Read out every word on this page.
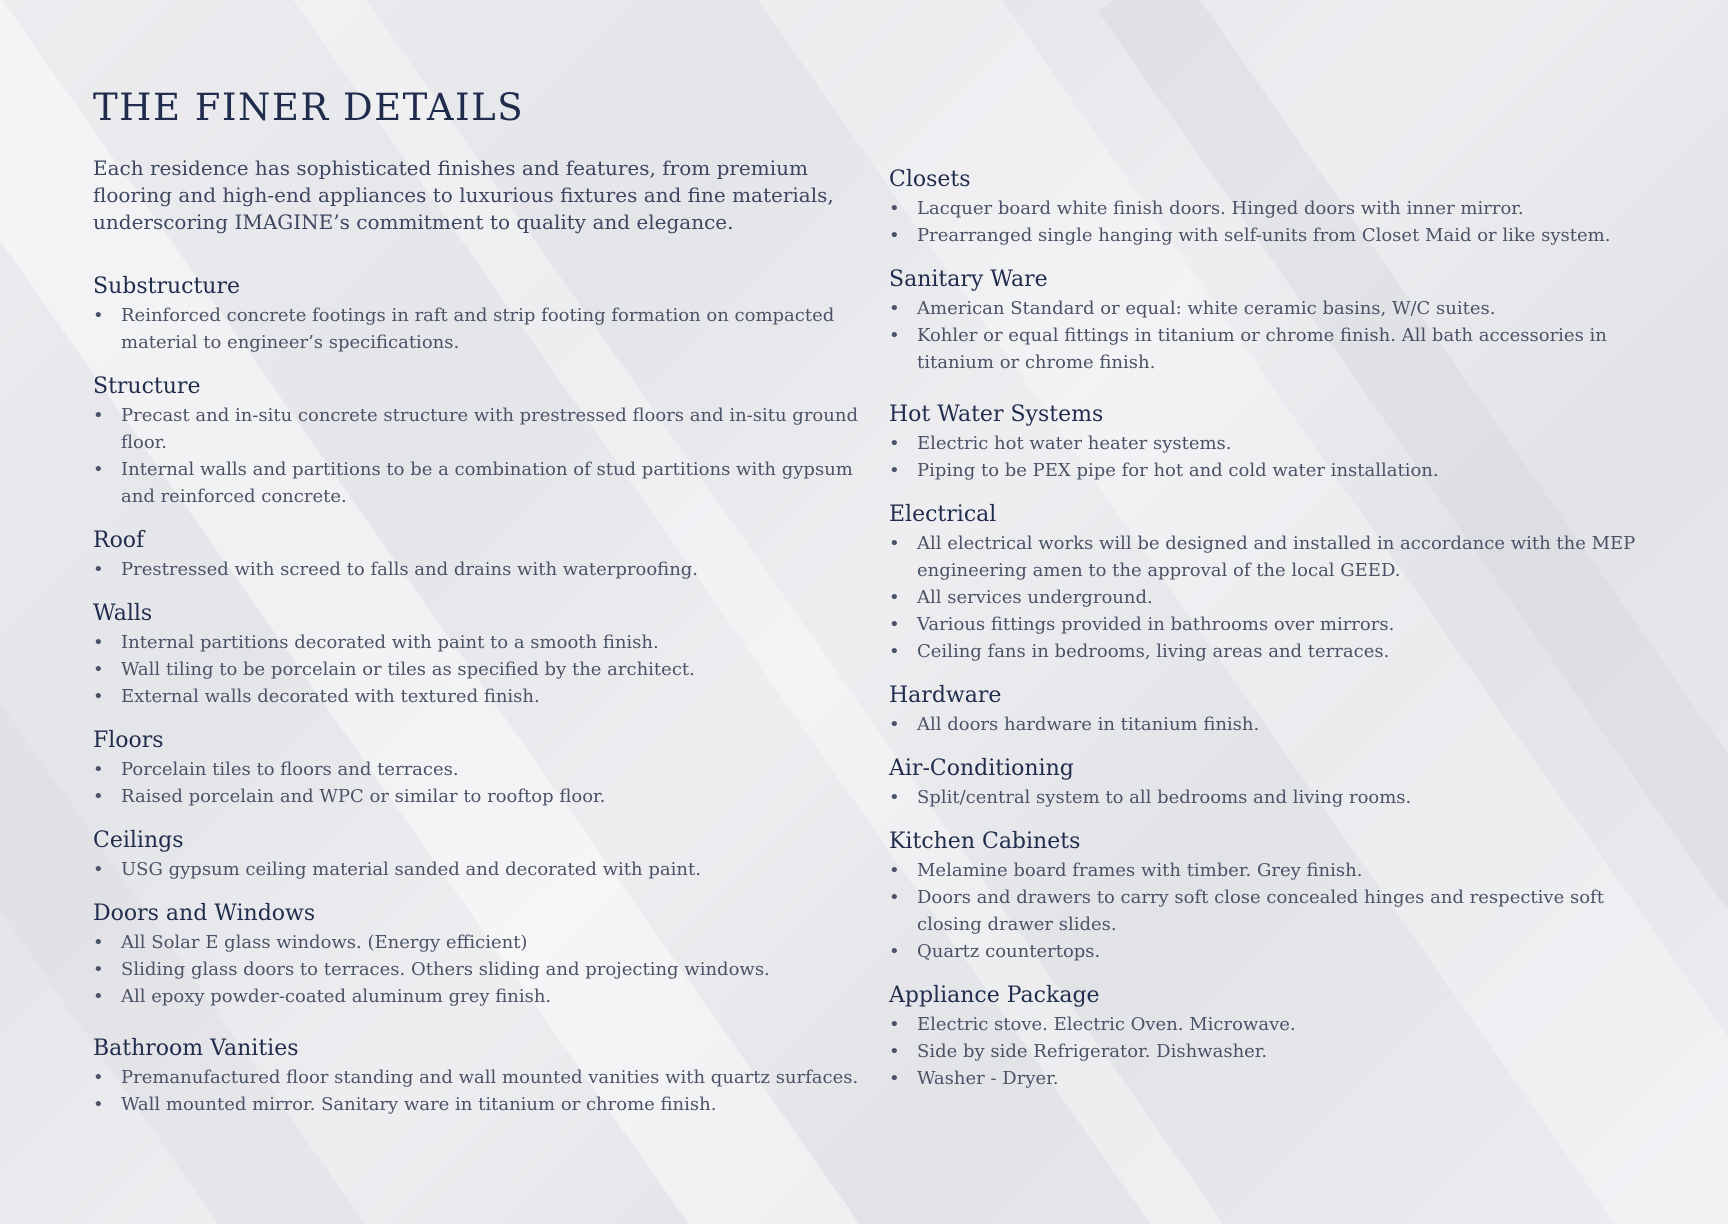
THE FINER DETAILS

Each residence has sophisticated finishes and features, from premium flooring and high-end appliances to luxurious fixtures and fine materials, underscoring IMAGINE’s commitment to quality and elegance.

Substructure
• Reinforced concrete footings in raft and strip footing formation on compacted material to engineer’s specifications.
Structure
• Precast and in-situ concrete structure with prestressed floors and in-situ ground floor.
• Internal walls and partitions to be a combination of stud partitions with gypsum and reinforced concrete.
Roof
• Prestressed with screed to falls and drains with waterproofing.
Walls
• Internal partitions decorated with paint to a smooth finish.
• Wall tiling to be porcelain or tiles as specified by the architect.
• External walls decorated with textured finish.
Floors
• Porcelain tiles to floors and terraces.
• Raised porcelain and WPC or similar to rooftop floor.
Ceilings
• USG gypsum ceiling material sanded and decorated with paint.
Doors and Windows
• All Solar E glass windows. (Energy efficient)
• Sliding glass doors to terraces. Others sliding and projecting windows.
• All epoxy powder-coated aluminum grey finish.
Bathroom Vanities
• Premanufactured floor standing and wall mounted vanities with quartz surfaces.
• Wall mounted mirror. Sanitary ware in titanium or chrome finish.
Closets
• Lacquer board white finish doors. Hinged doors with inner mirror.
• Prearranged single hanging with self-units from Closet Maid or like system.
Sanitary Ware
• American Standard or equal: white ceramic basins, W/C suites.
• Kohler or equal fittings in titanium or chrome finish. All bath accessories in titanium or chrome finish.
Hot Water Systems
• Electric hot water heater systems.
• Piping to be PEX pipe for hot and cold water installation.
Electrical
• All electrical works will be designed and installed in accordance with the MEP engineering amen to the approval of the local GEED.
• All services underground.
• Various fittings provided in bathrooms over mirrors.
• Ceiling fans in bedrooms, living areas and terraces.
Hardware
• All doors hardware in titanium finish.
Air-Conditioning
• Split/central system to all bedrooms and living rooms.
Kitchen Cabinets
• Melamine board frames with timber. Grey finish.
• Doors and drawers to carry soft close concealed hinges and respective soft closing drawer slides.
• Quartz countertops.
Appliance Package
• Electric stove. Electric Oven. Microwave.
• Side by side Refrigerator. Dishwasher.
• Washer - Dryer.
